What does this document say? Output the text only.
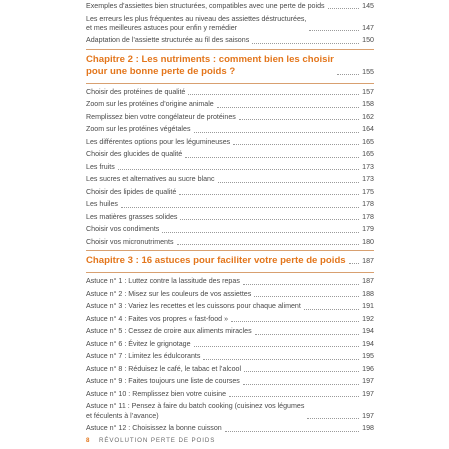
Exemples d’assiettes bien structurées, compatibles avec une perte de poids	145
Les erreurs les plus fréquentes au niveau des assiettes déstructurées,
et mes meilleures astuces pour enfin y remédier	147
Adaptation de l’assiette structurée au fil des saisons	150
Chapitre 2 : Les nutriments : comment bien les choisir
pour une bonne perte de poids ?	155
Choisir des protéines de qualité	157
Zoom sur les protéines d’origine animale	158
Remplissez bien votre congélateur de protéines	162
Zoom sur les protéines végétales	164
Les différentes options pour les légumineuses	165
Choisir des glucides de qualité	165
Les fruits	173
Les sucres et alternatives au sucre blanc	173
Choisir des lipides de qualité	175
Les huiles	178
Les matières grasses solides	178
Choisir vos condiments	179
Choisir vos micronutriments	180
Chapitre 3 : 16 astuces pour faciliter votre perte de poids 187
Astuce n° 1 : Luttez contre la lassitude des repas	187
Astuce n° 2 : Misez sur les couleurs de vos assiettes	188
Astuce n° 3 : Variez les recettes et les cuissons pour chaque aliment	191
Astuce n° 4 : Faites vos propres « fast-food »	192
Astuce n° 5 : Cessez de croire aux aliments miracles	194
Astuce n° 6 : Évitez le grignotage	194
Astuce n° 7 : Limitez les édulcorants	195
Astuce n° 8 : Réduisez le café, le tabac et l’alcool	196
Astuce n° 9 : Faites toujours une liste de courses	197
Astuce n° 10 : Remplissez bien votre cuisine	197
Astuce n° 11 : Pensez à faire du batch cooking (cuisinez vos légumes
et féculents à l’avance)	197
Astuce n° 12 : Choisissez la bonne cuisson	198
8 RÉVOLUTION PERTE DE POIDS
